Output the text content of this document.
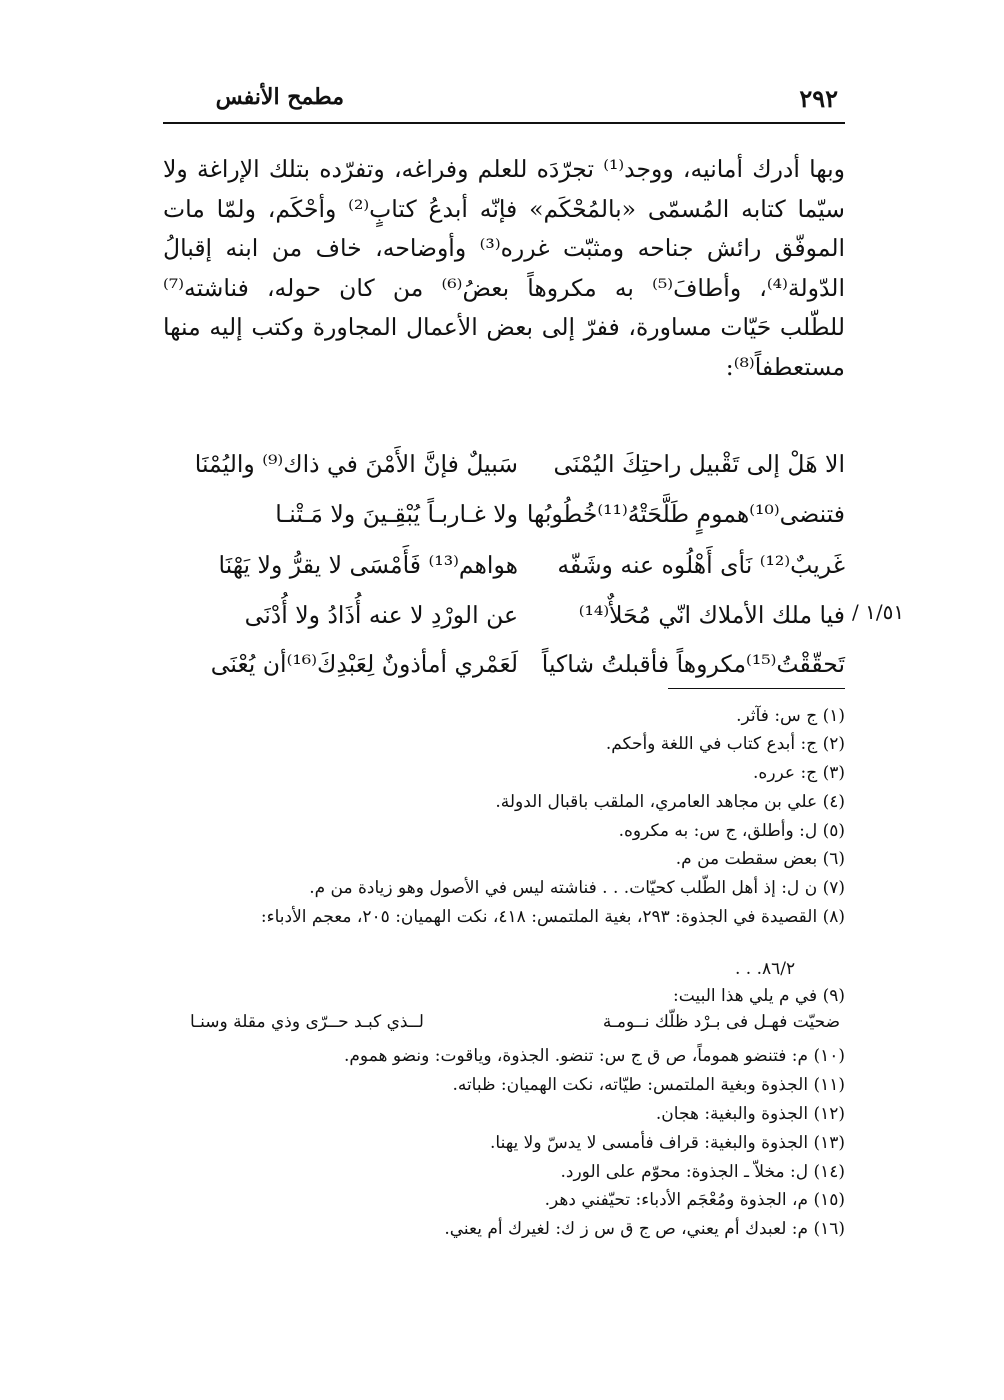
مطمح الأنفس	٢٩٢

وبها أدرك أمانيه، ووجد⁽¹⁾ تجرّدَه للعلم وفراغه، وتفرّده بتلك الإراغة ولا
سيّما كتابه المُسمّى «بالمُحْكَم» فإنّه أبدعُ كتابٍ⁽²⁾ وأحْكَم، ولمّا مات
الموفّق رائش جناحه ومثبّت غرره⁽³⁾ وأوضاحه، خاف من ابنه إقبالُ
الدّولة⁽⁴⁾، وأطافَ⁽⁵⁾ به مكروهاً بعضُ⁽⁶⁾ من كان حوله، فناشته⁽⁷⁾
للطّلب حَيّات مساورة، ففرّ إلى بعض الأعمال المجاورة وكتب إليه منها
مستعطفاً⁽⁸⁾:

الا هَلْ إلى تَقْبيل راحتِكَ اليُمْنَى
سَبيلٌ فإنَّ الأَمْنَ في ذاك⁽⁹⁾ واليُمْنَا
فتنضى⁽¹⁰⁾همومٍ طَلَّحَتْهُ⁽¹¹⁾خُطُوبُها
ولا غـاربـاً يُبْقِـينَ ولا مَـتْنـا
غَريبٌ⁽¹²⁾ نَأى أَهْلُوه عنه وشَفّه
هواهم⁽¹³⁾ فَأَمْسَى لا يقرُّ ولا يَهْنَا
فيا ملك الأملاك انّي مُحَلأٌ⁽¹⁴⁾
عن الورْدِ لا عنه أُذَادُ ولا أُدْنَى
تَحقّقْتُ⁽¹⁵⁾مكروهاً فأقبلتُ شاكياً
لَعَمْري أمأذونٌ لِعَبْدِكَ⁽¹⁶⁾أن يُعْنَى
١/٥١ /
(١) ج س: فآثر.
(٢) ج: أبدع كتاب في اللغة وأحكم.
(٣) ج: عرره.
(٤) علي بن مجاهد العامري، الملقب باقبال الدولة.
(٥) ل: وأطلق، ج س: به مكروه.
(٦) بعض سقطت من م.
(٧) ن ل: إذ أهل الطّلب كحيّات. . . فناشته ليس في الأصول وهو زيادة من م.
(٨) القصيدة في الجذوة: ٢٩٣، بغية الملتمس: ٤١٨، نكت الهميان: ٢٠٥، معجم الأدباء:
٨٦/٢. . .
(٩) في م يلي هذا البيت:
ضحيّت فهـل فى بـرْد ظلّك نــومـة
لــذي كبـد حــرّى وذي مقلة وسنـا
(١٠) م: فتنضو هموماً، ص ق ج س: تنضو. الجذوة، وياقوت: ونضو هموم.
(١١) الجذوة وبغية الملتمس: طيّاته، نكت الهميان: ظباته.
(١٢) الجذوة والبغية: هجان.
(١٣) الجذوة والبغية: قراف فأمسى لا يدسّ ولا يهنا.
(١٤) ل: مخلاّ ـ الجذوة: محوّم على الورد.
(١٥) م، الجذوة ومُعْجَم الأدباء: تحيّفني دهر.
(١٦) م: لعبدك أم يعني، ص ج ق س ز ك: لغيرك أم يعني.
